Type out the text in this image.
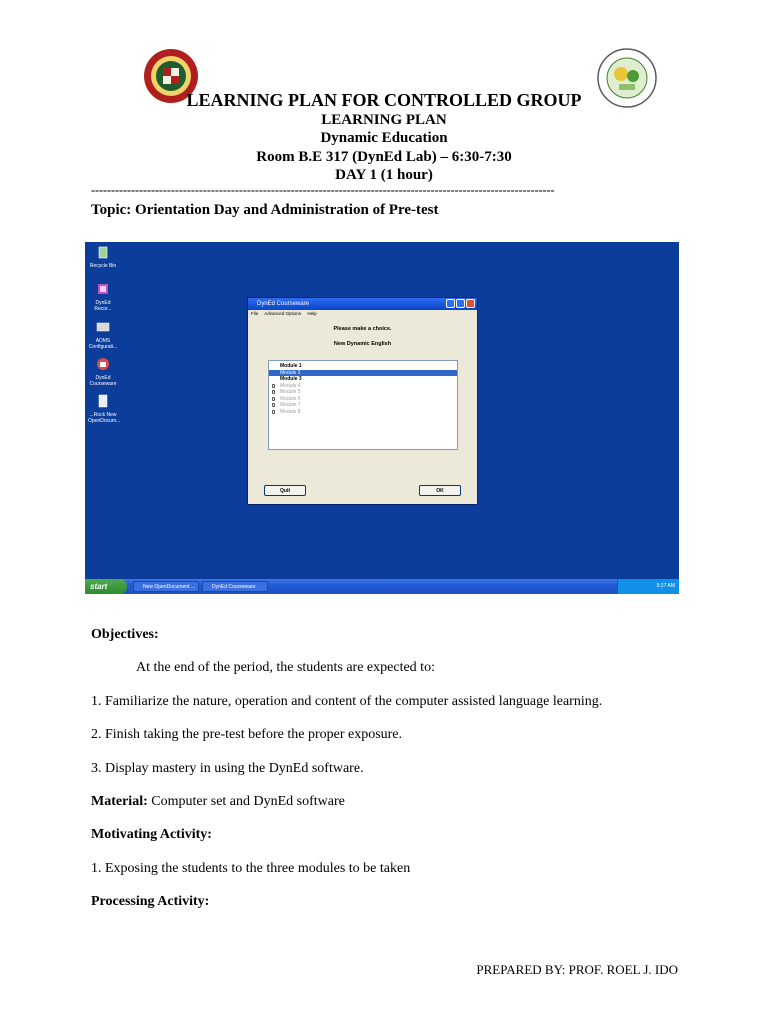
LEARNING PLAN FOR CONTROLLED GROUP
LEARNING PLAN
Dynamic Education
Room B.E 317 (DynEd Lab) – 6:30-7:30
DAY 1 (1 hour)
--------------------------------------------------------------------------------------------------------------------
Topic: Orientation Day and Administration of Pre-test
Recycle Bin
DynEd Recor...
ADMS Configurati...
DynEd Courseware
...Rock New OpenDocum...
DynEd Courseware
File Advanced Options Help
Please make a choice.
New Dynamic English
Module 1
Module 2
Module 3
Module 4
Module 5
Module 6
Module 7
Module 8
Quit	OK
start	New OpenDocument ...	DynEd Courseware	5:27 AM
Objectives:
At the end of the period, the students are expected to:
1. Familiarize the nature, operation and content of the computer assisted language learning.
2. Finish taking the pre-test before the proper exposure.
3. Display mastery in using the DynEd software.
Material: Computer set and DynEd software
Motivating Activity:
1. Exposing the students to the three modules to be taken
Processing Activity:
PREPARED BY: PROF. ROEL J. IDO
